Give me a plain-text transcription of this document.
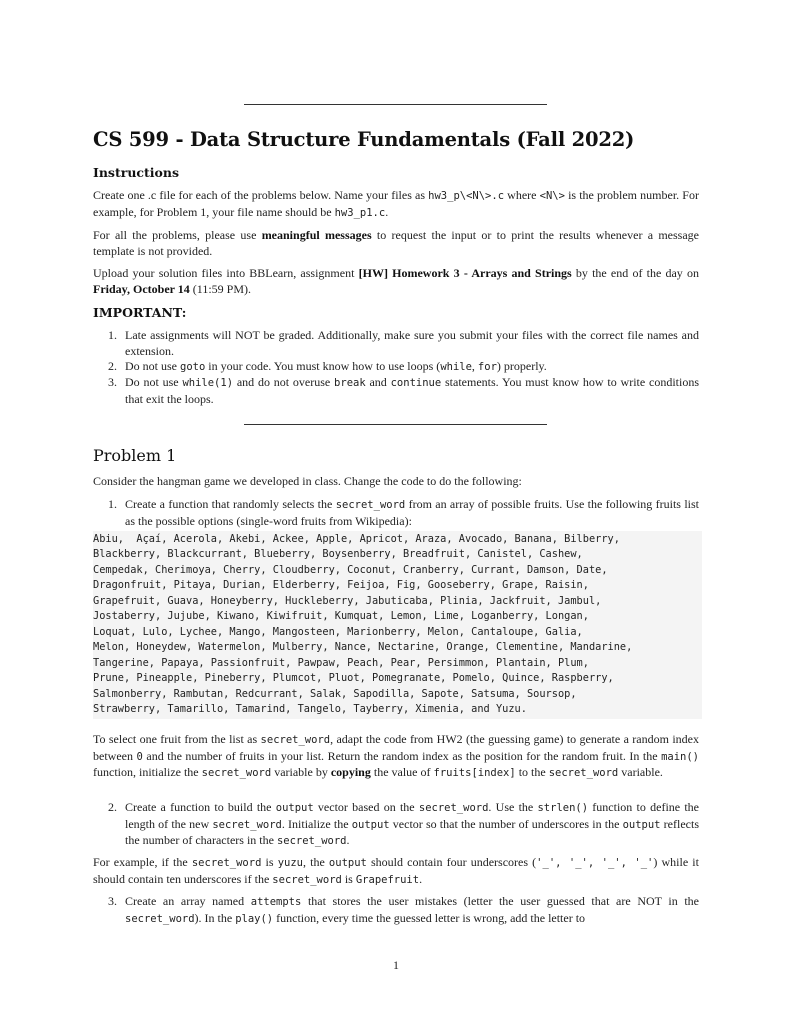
CS 599 - Data Structure Fundamentals (Fall 2022)
Instructions

Create one .c file for each of the problems below. Name your files as hw3_p\<N\>.c where <N\> is the problem number. For example, for Problem 1, your file name should be hw3_p1.c.

For all the problems, please use meaningful messages to request the input or to print the results whenever a message template is not provided.

Upload your solution files into BBLearn, assignment [HW] Homework 3 - Arrays and Strings by the end of the day on Friday, October 14 (11:59 PM).

IMPORTANT:
1. Late assignments will NOT be graded. Additionally, make sure you submit your files with the correct file names and extension.
2. Do not use goto in your code. You must know how to use loops (while, for) properly.
3. Do not use while(1) and do not overuse break and continue statements. You must know how to write conditions that exit the loops.
Problem 1

Consider the hangman game we developed in class. Change the code to do the following:

1. Create a function that randomly selects the secret_word from an array of possible fruits. Use the following fruits list as the possible options (single-word fruits from Wikipedia):
Abiu,  Açaí, Acerola, Akebi, Ackee, Apple, Apricot, Araza, Avocado, Banana, Bilberry,
Blackberry, Blackcurrant, Blueberry, Boysenberry, Breadfruit, Canistel, Cashew,
Cempedak, Cherimoya, Cherry, Cloudberry, Coconut, Cranberry, Currant, Damson, Date,
Dragonfruit, Pitaya, Durian, Elderberry, Feijoa, Fig, Gooseberry, Grape, Raisin,
Grapefruit, Guava, Honeyberry, Huckleberry, Jabuticaba, Plinia, Jackfruit, Jambul,
Jostaberry, Jujube, Kiwano, Kiwifruit, Kumquat, Lemon, Lime, Loganberry, Longan,
Loquat, Lulo, Lychee, Mango, Mangosteen, Marionberry, Melon, Cantaloupe, Galia,
Melon, Honeydew, Watermelon, Mulberry, Nance, Nectarine, Orange, Clementine, Mandarine,
Tangerine, Papaya, Passionfruit, Pawpaw, Peach, Pear, Persimmon, Plantain, Plum,
Prune, Pineapple, Pineberry, Plumcot, Pluot, Pomegranate, Pomelo, Quince, Raspberry,
Salmonberry, Rambutan, Redcurrant, Salak, Sapodilla, Sapote, Satsuma, Soursop,
Strawberry, Tamarillo, Tamarind, Tangelo, Tayberry, Ximenia, and Yuzu.

To select one fruit from the list as secret_word, adapt the code from HW2 (the guessing game) to generate a random index between 0 and the number of fruits in your list. Return the random index as the position for the random fruit. In the main() function, initialize the secret_word variable by copying the value of fruits[index] to the secret_word variable.

2. Create a function to build the output vector based on the secret_word. Use the strlen() function to define the length of the new secret_word. Initialize the output vector so that the number of underscores in the output reflects the number of characters in the secret_word.

For example, if the secret_word is yuzu, the output should contain four underscores ('_', '_', '_', '_') while it should contain ten underscores if the secret_word is Grapefruit.

3. Create an array named attempts that stores the user mistakes (letter the user guessed that are NOT in the secret_word). In the play() function, every time the guessed letter is wrong, add the letter to
1
